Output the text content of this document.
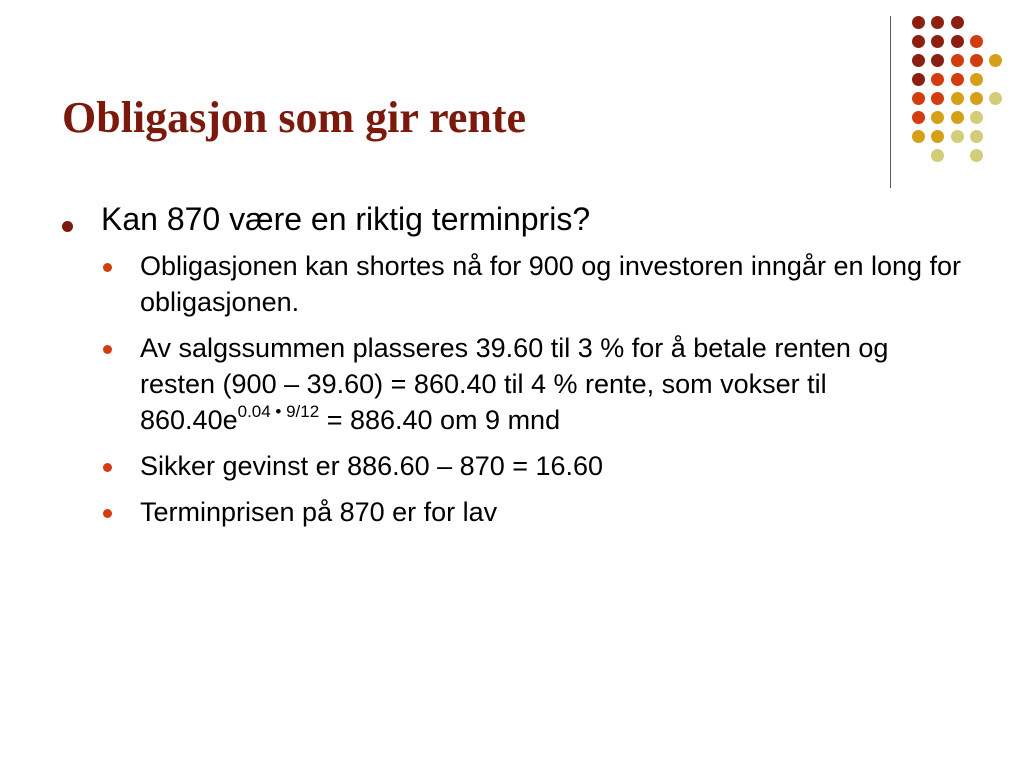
Obligasjon som gir rente
Kan 870 være en riktig terminpris?
Obligasjonen kan shortes nå for 900 og investoren inngår en long for obligasjonen.
Av salgssummen plasseres 39.60 til 3 % for å betale renten og resten (900 – 39.60) = 860.40 til 4 % rente, som vokser til $860.40e^{0.04 • 9/12} = 886.40$ om 9 mnd
Sikker gevinst er 886.60 – 870 = 16.60
Terminprisen på 870 er for lav
